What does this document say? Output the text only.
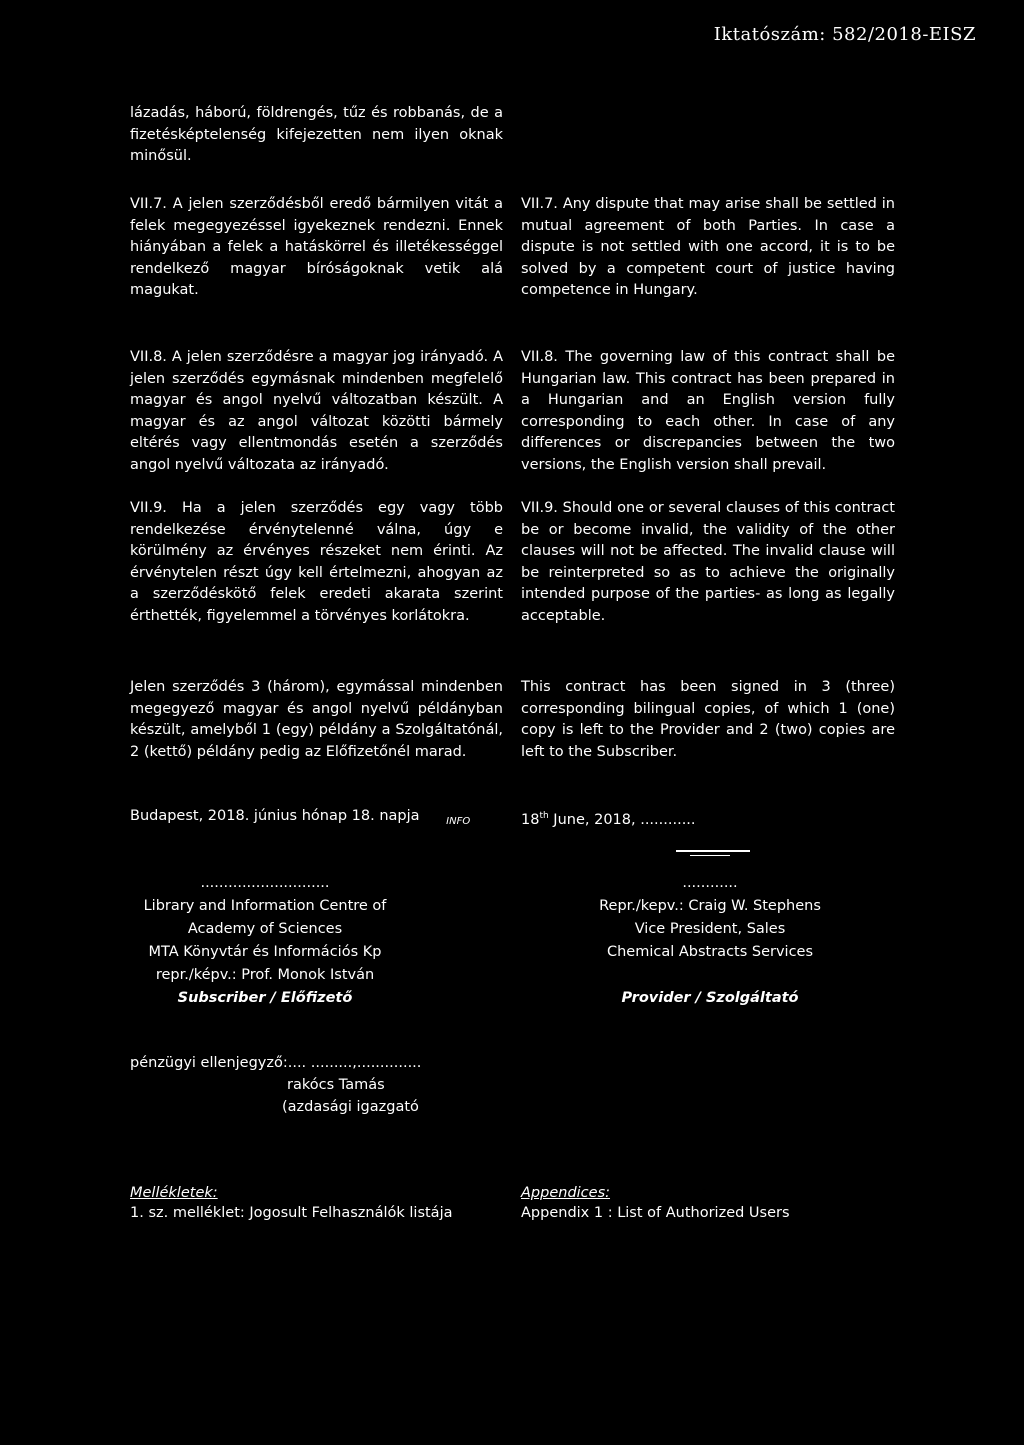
Iktatószám: 582/2018-EISZ

lázadás, háború, földrengés, tűz és robbanás, de a fizetésképtelenség kifejezetten nem ilyen oknak minősül.

VII.7. A jelen szerződésből eredő bármilyen vitát a felek megegyezéssel igyekeznek rendezni. Ennek hiányában a felek a hatáskörrel és illetékességgel rendelkező magyar bíróságoknak vetik alá magukat.

VII.7. Any dispute that may arise shall be settled in mutual agreement of both Parties. In case a dispute is not settled with one accord, it is to be solved by a competent court of justice having competence in Hungary.

VII.8. A jelen szerződésre a magyar jog irányadó. A jelen szerződés egymásnak mindenben megfelelő magyar és angol nyelvű változatban készült. A magyar és az angol változat közötti bármely eltérés vagy ellentmondás esetén a szerződés angol nyelvű változata az irányadó.

VII.8. The governing law of this contract shall be Hungarian law. This contract has been prepared in a Hungarian and an English version fully corresponding to each other. In case of any differences or discrepancies between the two versions, the English version shall prevail.

VII.9. Ha a jelen szerződés egy vagy több rendelkezése érvénytelenné válna, úgy e körülmény az érvényes részeket nem érinti. Az érvénytelen részt úgy kell értelmezni, ahogyan az a szerződéskötő felek eredeti akarata szerint érthették, figyelemmel a törvényes korlátokra.

VII.9. Should one or several clauses of this contract be or become invalid, the validity of the other clauses will not be affected. The invalid clause will be reinterpreted so as to achieve the originally intended purpose of the parties- as long as legally acceptable.

Jelen szerződés 3 (három), egymással mindenben megegyező magyar és angol nyelvű példányban készült, amelyből 1 (egy) példány a Szolgáltatónál, 2 (kettő) példány pedig az Előfizetőnél marad.

This contract has been signed in 3 (three) corresponding bilingual copies, of which 1 (one) copy is left to the Provider and 2 (two) copies are left to the Subscriber.

Budapest, 2018. június hónap 18. napja	$_{INFO}$	18th June, 2018, ............
............................
Library and Information Centre of
Academy of Sciences
MTA Könyvtár és Információs Kp
repr./képv.: Prof. Monok István
Subscriber / Előfizető
............
Repr./kepv.: Craig W. Stephens
Vice President, Sales
Chemical Abstracts Services
Provider / Szolgáltató
pénzügyi ellenjegyző:.... .........,..............
rakócs Tamás
(azdasági igazgató
Mellékletek:
1. sz. melléklet: Jogosult Felhasználók listája
Appendices:
Appendix 1 : List of Authorized Users
